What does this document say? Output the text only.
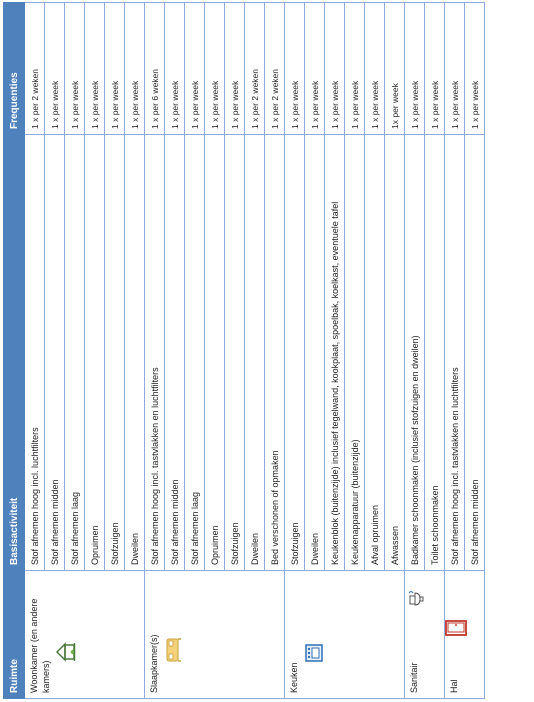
Ruimte	Basisactiviteit	Frequenties

Woonkamer (en andere kamers)	Stof afnemen hoog incl. luchtfilters	1 x per 2 weken
	Stof afnemen midden	1 x per week
	Stof afnemen laag	1 x per week
	Opruimen	1 x per week
	Stofzuigen	1 x per week
	Dweilen	1 x per week

Slaapkamer(s)	Stof afnemen hoog incl. tastvlakken en luchtfilters	1 x per 6 weken
	Stof afnemen midden	1 x per week
	Stof afnemen laag	1 x per week
	Opruimen	1 x per week
	Stofzuigen	1 x per week
	Dweilen	1 x per 2 weken
	Bed verschonen of opmaken	1 x per 2 weken

Keuken	Stofzuigen	1 x per week
	Dweilen	1 x per week
	Keukenblok (buitenzijde) inclusief tegelwand, kookplaat, spoelbak, koelkast, eventuele tafel	1 x per week
	Keukenapparatuur (buitenzijde)	1 x per week
	Afval opruimen	1 x per week
	Afwassen	1x per week

Sanitair	Badkamer schoonmaken (inclusief stofzuigen en dweilen)	1 x per week
	Toilet schoonmaken	1 x per week

Hal	Stof afnemen hoog incl. tastvlakken en luchtfilters	1 x per week
	Stof afnemen midden	1 x per week
